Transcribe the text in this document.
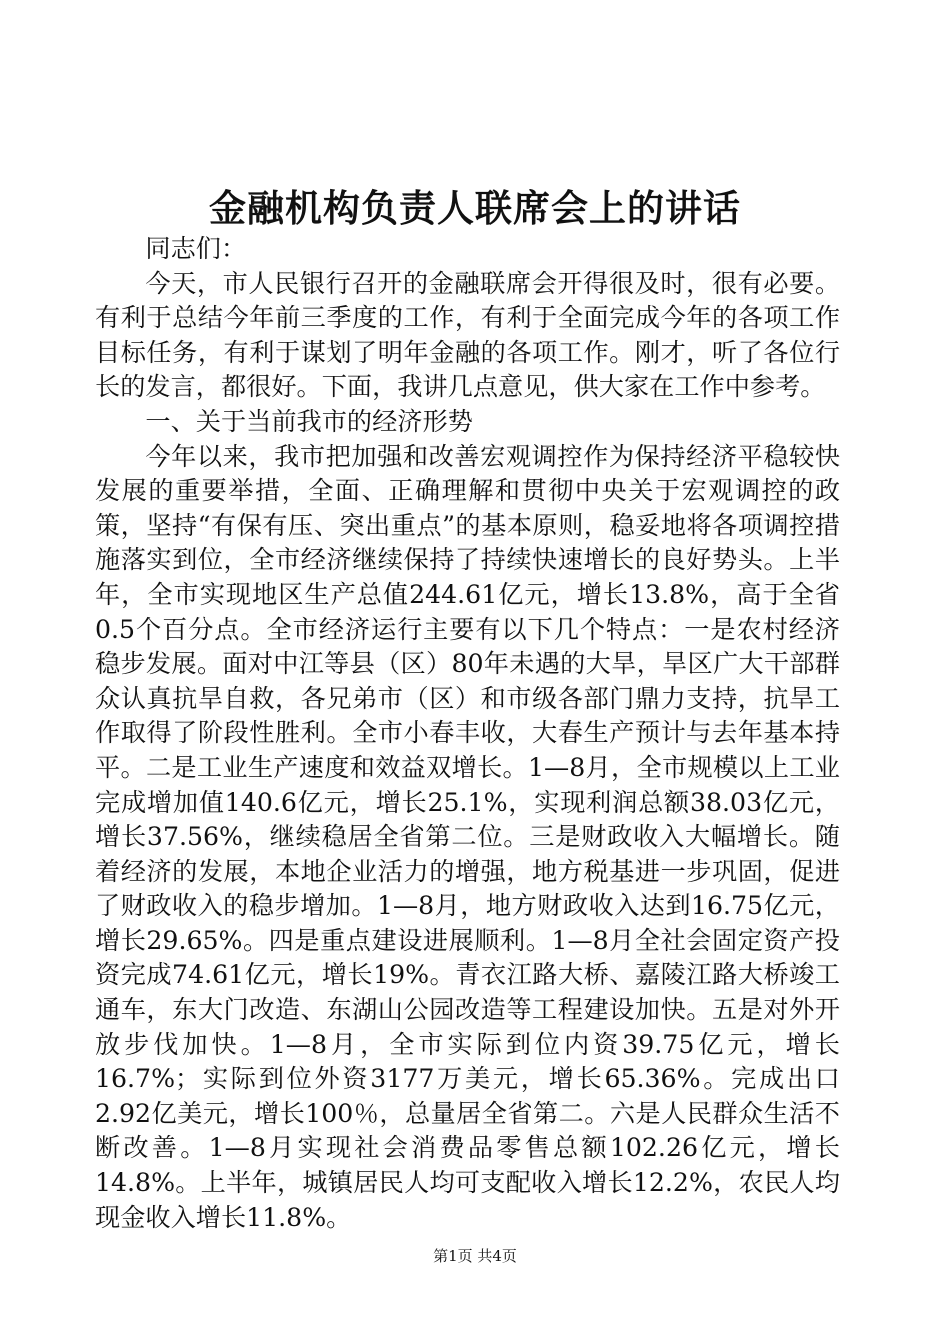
金融机构负责人联席会上的讲话

同志们：

今天，市人民银行召开的金融联席会开得很及时，很有必要。有利于总结今年前三季度的工作，有利于全面完成今年的各项工作目标任务，有利于谋划了明年金融的各项工作。刚才，听了各位行长的发言，都很好。下面，我讲几点意见，供大家在工作中参考。

一、关于当前我市的经济形势

今年以来，我市把加强和改善宏观调控作为保持经济平稳较快发展的重要举措，全面、正确理解和贯彻中央关于宏观调控的政策，坚持“有保有压、突出重点”的基本原则，稳妥地将各项调控措施落实到位，全市经济继续保持了持续快速增长的良好势头。上半年，全市实现地区生产总值244.61亿元，增长13.8%，高于全省0.5个百分点。全市经济运行主要有以下几个特点：一是农村经济稳步发展。面对中江等县（区）80年未遇的大旱，旱区广大干部群众认真抗旱自救，各兄弟市（区）和市级各部门鼎力支持，抗旱工作取得了阶段性胜利。全市小春丰收，大春生产预计与去年基本持平。二是工业生产速度和效益双增长。1—8月，全市规模以上工业完成增加值140.6亿元，增长25.1%，实现利润总额38.03亿元，增长37.56%，继续稳居全省第二位。三是财政收入大幅增长。随着经济的发展，本地企业活力的增强，地方税基进一步巩固，促进了财政收入的稳步增加。1—8月，地方财政收入达到16.75亿元，增长29.65%。四是重点建设进展顺利。1—8月全社会固定资产投资完成74.61亿元，增长19%。青衣江路大桥、嘉陵江路大桥竣工通车，东大门改造、东湖山公园改造等工程建设加快。五是对外开放步伐加快。1—8月，全市实际到位内资39.75亿元，增长16.7%；实际到位外资3177万美元，增长65.36%。完成出口2.92亿美元，增长100％，总量居全省第二。六是人民群众生活不断改善。1—8月实现社会消费品零售总额102.26亿元，增长14.8%。上半年，城镇居民人均可支配收入增长12.2%，农民人均现金收入增长11.8%。

第1页 共4页
